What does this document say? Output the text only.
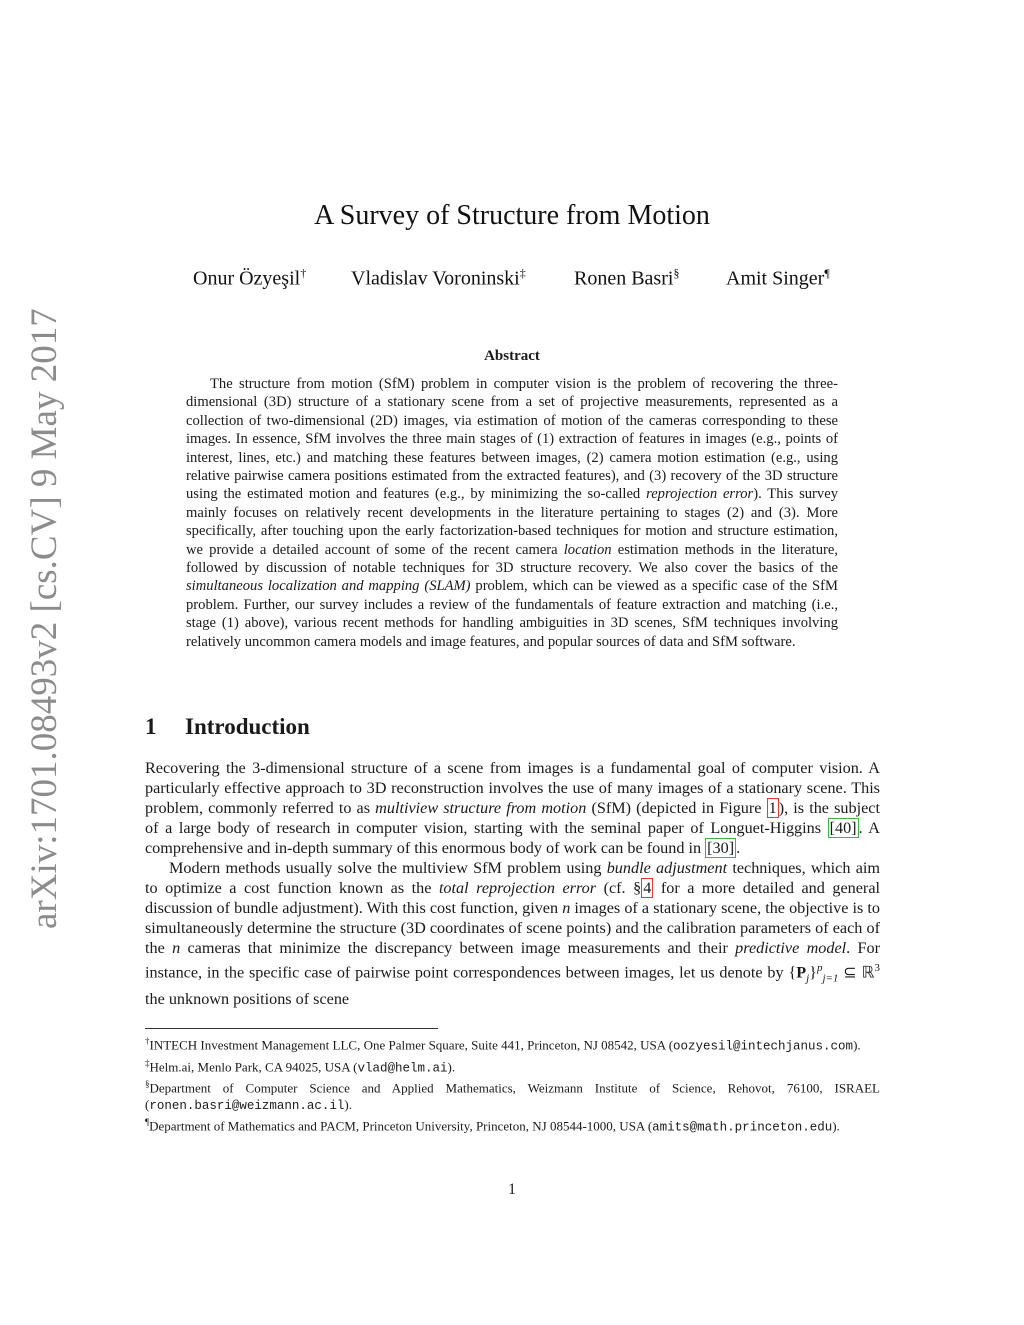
arXiv:1701.08493v2 [cs.CV] 9 May 2017
A Survey of Structure from Motion
Onur Özyeşil† Vladislav Voroninski‡ Ronen Basri§ Amit Singer¶
Abstract

The structure from motion (SfM) problem in computer vision is the problem of recovering the three-dimensional (3D) structure of a stationary scene from a set of projective measurements, represented as a collection of two-dimensional (2D) images, via estimation of motion of the cameras corresponding to these images. In essence, SfM involves the three main stages of (1) extraction of features in images (e.g., points of interest, lines, etc.) and matching these features between images, (2) camera motion estimation (e.g., using relative pairwise camera positions estimated from the extracted features), and (3) recovery of the 3D structure using the estimated motion and features (e.g., by minimizing the so-called reprojection error). This survey mainly focuses on relatively recent developments in the literature pertaining to stages (2) and (3). More specifically, after touching upon the early factorization-based techniques for motion and structure estimation, we provide a detailed account of some of the recent camera location estimation methods in the literature, followed by discussion of notable techniques for 3D structure recovery. We also cover the basics of the simultaneous localization and mapping (SLAM) problem, which can be viewed as a specific case of the SfM problem. Further, our survey includes a review of the fundamentals of feature extraction and matching (i.e., stage (1) above), various recent methods for handling ambiguities in 3D scenes, SfM techniques involving relatively uncommon camera models and image features, and popular sources of data and SfM software.

1 Introduction

Recovering the 3-dimensional structure of a scene from images is a fundamental goal of computer vision. A particularly effective approach to 3D reconstruction involves the use of many images of a stationary scene. This problem, commonly referred to as multiview structure from motion (SfM) (depicted in Figure 1 ), is the subject of a large body of research in computer vision, starting with the seminal paper of Longuet-Higgins [40] . A comprehensive and in-depth summary of this enormous body of work can be found in [30] .

Modern methods usually solve the multiview SfM problem using bundle adjustment techniques, which aim to optimize a cost function known as the total reprojection error (cf. § 4 for a more detailed and general discussion of bundle adjustment). With this cost function, given n images of a stationary scene, the objective is to simultaneously determine the structure (3D coordinates of scene points) and the calibration parameters of each of the n cameras that minimize the discrepancy between image measurements and their predictive model. For instance, in the specific case of pairwise point correspondences between images, let us denote by $\{P_j\}^p_{j=1}$ ⊆ ℝ$^3$ the unknown positions of scene

†INTECH Investment Management LLC, One Palmer Square, Suite 441, Princeton, NJ 08542, USA (oozyesil@intechjanus.com).

‡Helm.ai, Menlo Park, CA 94025, USA (vlad@helm.ai).

§Department of Computer Science and Applied Mathematics, Weizmann Institute of Science, Rehovot, 76100, ISRAEL (ronen.basri@weizmann.ac.il).

¶Department of Mathematics and PACM, Princeton University, Princeton, NJ 08544-1000, USA (amits@math.princeton.edu).

1
